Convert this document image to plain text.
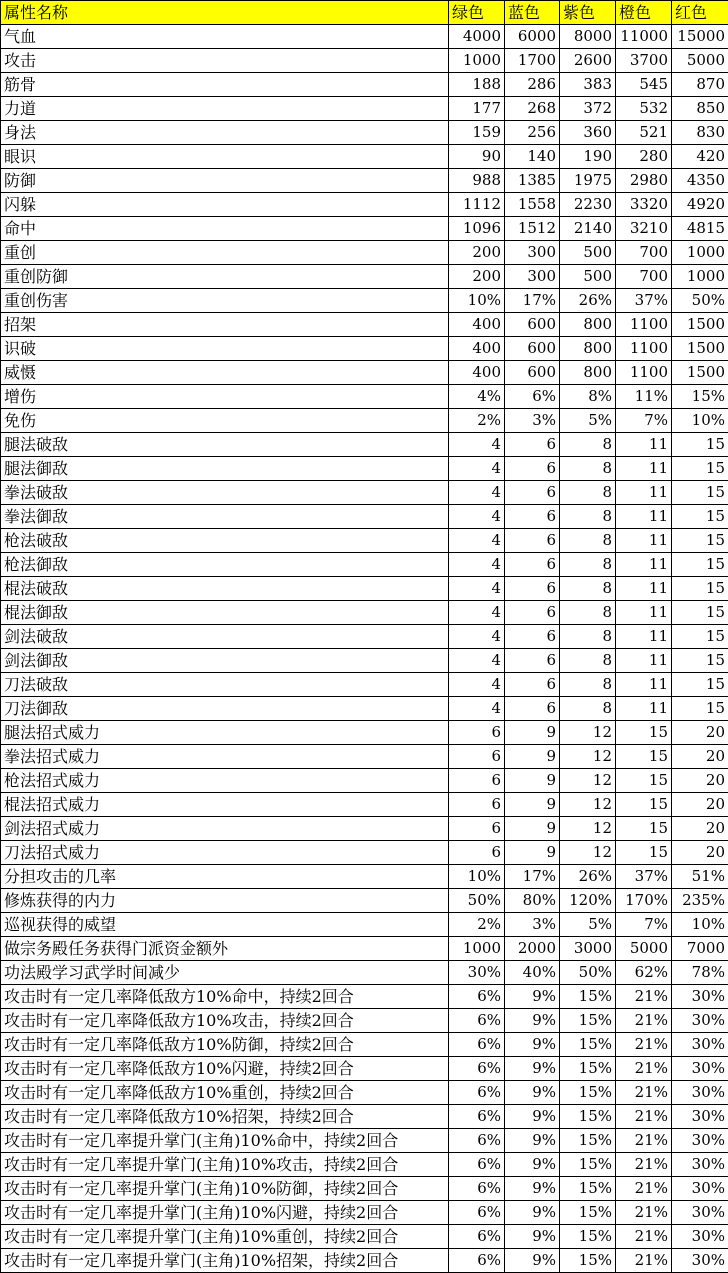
属性名称	绿色	蓝色	紫色	橙色	红色
气血	4000	6000	8000	11000	15000
攻击	1000	1700	2600	3700	5000
筋骨	188	286	383	545	870
力道	177	268	372	532	850
身法	159	256	360	521	830
眼识	90	140	190	280	420
防御	988	1385	1975	2980	4350
闪躲	1112	1558	2230	3320	4920
命中	1096	1512	2140	3210	4815
重创	200	300	500	700	1000
重创防御	200	300	500	700	1000
重创伤害	10%	17%	26%	37%	50%
招架	400	600	800	1100	1500
识破	400	600	800	1100	1500
威慑	400	600	800	1100	1500
增伤	4%	6%	8%	11%	15%
免伤	2%	3%	5%	7%	10%
腿法破敌	4	6	8	11	15
腿法御敌	4	6	8	11	15
拳法破敌	4	6	8	11	15
拳法御敌	4	6	8	11	15
枪法破敌	4	6	8	11	15
枪法御敌	4	6	8	11	15
棍法破敌	4	6	8	11	15
棍法御敌	4	6	8	11	15
剑法破敌	4	6	8	11	15
剑法御敌	4	6	8	11	15
刀法破敌	4	6	8	11	15
刀法御敌	4	6	8	11	15
腿法招式威力	6	9	12	15	20
拳法招式威力	6	9	12	15	20
枪法招式威力	6	9	12	15	20
棍法招式威力	6	9	12	15	20
剑法招式威力	6	9	12	15	20
刀法招式威力	6	9	12	15	20
分担攻击的几率	10%	17%	26%	37%	51%
修炼获得的内力	50%	80%	120%	170%	235%
巡视获得的威望	2%	3%	5%	7%	10%
做宗务殿任务获得门派资金额外	1000	2000	3000	5000	7000
功法殿学习武学时间减少	30%	40%	50%	62%	78%
攻击时有一定几率降低敌方10%命中，持续2回合	6%	9%	15%	21%	30%
攻击时有一定几率降低敌方10%攻击，持续2回合	6%	9%	15%	21%	30%
攻击时有一定几率降低敌方10%防御，持续2回合	6%	9%	15%	21%	30%
攻击时有一定几率降低敌方10%闪避，持续2回合	6%	9%	15%	21%	30%
攻击时有一定几率降低敌方10%重创，持续2回合	6%	9%	15%	21%	30%
攻击时有一定几率降低敌方10%招架，持续2回合	6%	9%	15%	21%	30%
攻击时有一定几率提升掌门(主角)10%命中，持续2回合	6%	9%	15%	21%	30%
攻击时有一定几率提升掌门(主角)10%攻击，持续2回合	6%	9%	15%	21%	30%
攻击时有一定几率提升掌门(主角)10%防御，持续2回合	6%	9%	15%	21%	30%
攻击时有一定几率提升掌门(主角)10%闪避，持续2回合	6%	9%	15%	21%	30%
攻击时有一定几率提升掌门(主角)10%重创，持续2回合	6%	9%	15%	21%	30%
攻击时有一定几率提升掌门(主角)10%招架，持续2回合	6%	9%	15%	21%	30%
